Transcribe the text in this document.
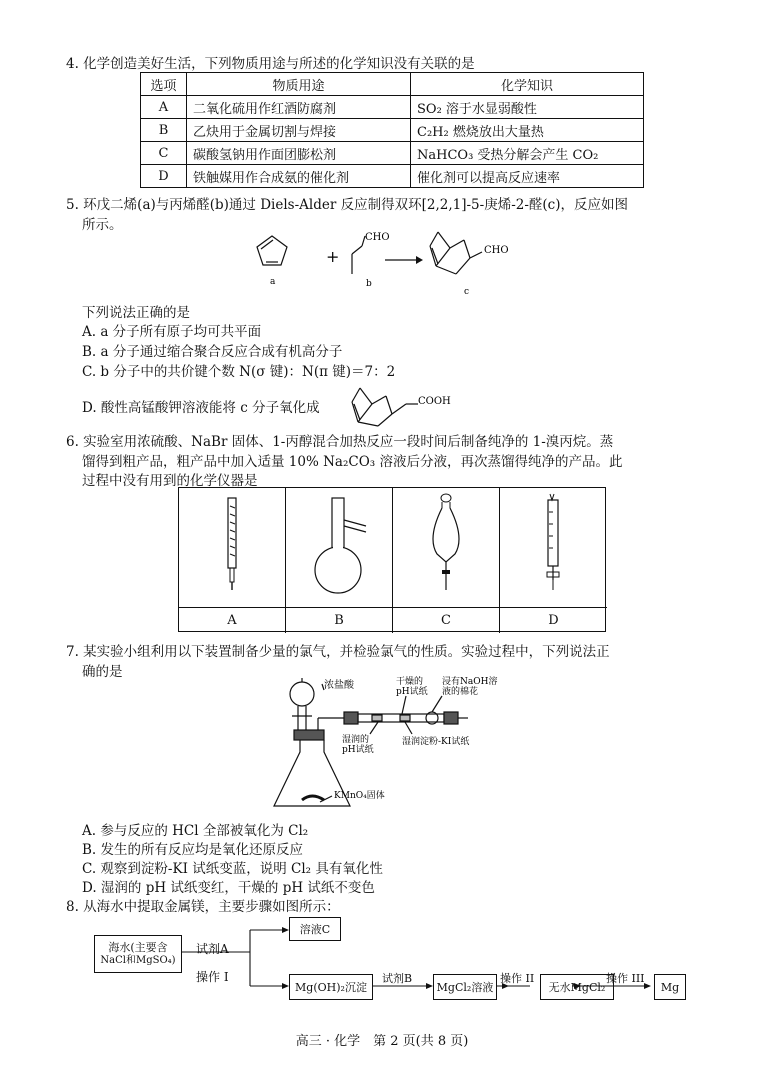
4. 化学创造美好生活，下列物质用途与所述的化学知识没有关联的是
选项	物质用途	化学知识
A	二氧化硫用作红酒防腐剂	SO₂ 溶于水显弱酸性
B	乙炔用于金属切割与焊接	C₂H₂ 燃烧放出大量热
C	碳酸氢钠用作面团膨松剂	NaHCO₃ 受热分解会产生 CO₂
D	铁触媒用作合成氨的催化剂	催化剂可以提高反应速率
5. 环戊二烯(a)与丙烯醛(b)通过 Diels-Alder 反应制得双环[2,2,1]-5-庚烯-2-醛(c)，反应如图
所示。
a
+
CHO
b
CHO
c
下列说法正确的是
A. a 分子所有原子均可共平面
B. a 分子通过缩合聚合反应合成有机高分子
C. b 分子中的共价键个数 N(σ 键)：N(π 键)＝7：2
D. 酸性高锰酸钾溶液能将 c 分子氧化成	COOH
6. 实验室用浓硫酸、NaBr 固体、1-丙醇混合加热反应一段时间后制备纯净的 1-溴丙烷。蒸
馏得到粗产品，粗产品中加入适量 10% Na₂CO₃ 溶液后分液，再次蒸馏得纯净的产品。此
过程中没有用到的化学仪器是
A	B	C	D
7. 某实验小组利用以下装置制备少量的氯气，并检验氯气的性质。实验过程中，下列说法正
确的是
浓盐酸	干燥的
pH试纸
浸有NaOH溶
液的棉花
湿润的
pH试纸
湿润淀粉-KI试纸
KMnO₄固体
A. 参与反应的 HCl 全部被氧化为 Cl₂
B. 发生的所有反应均是氧化还原反应
C. 观察到淀粉-KI 试纸变蓝，说明 Cl₂ 具有氧化性
D. 湿润的 pH 试纸变红，干燥的 pH 试纸不变色
8. 从海水中提取金属镁，主要步骤如图所示：
海水(主要含
NaCl和MgSO₄)
试剂A
操作 I
溶液C
Mg(OH)₂沉淀
试剂B
MgCl₂溶液
操作 II
无水MgCl₂
操作 III
Mg
高三 · 化学　第 2 页(共 8 页)
